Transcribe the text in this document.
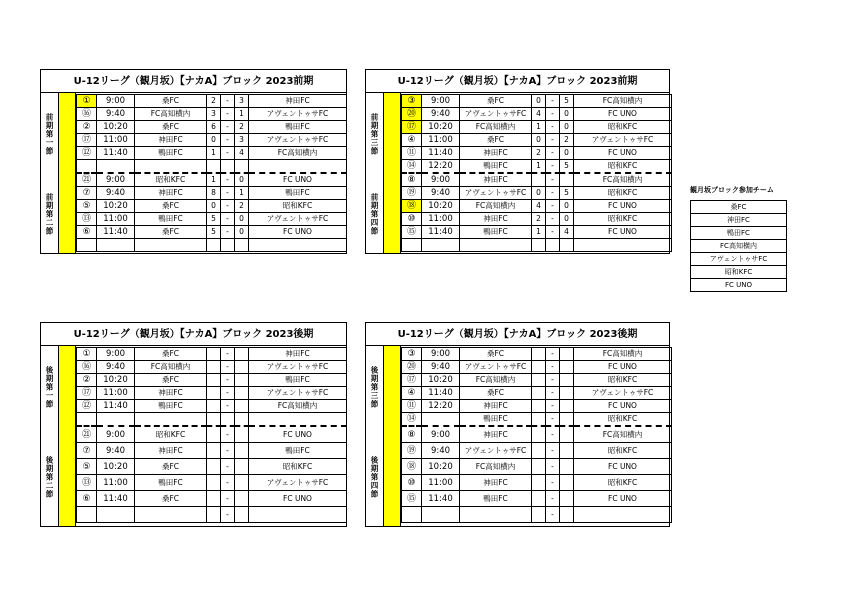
U-12リーグ（観月坂）【ナカA】ブロック 2023前期
前期第一節
前期第二節
①	9:00	桑FC	2	-	3	神田FC
⑯	9:40	FC高知横内	3	-	1	アヴェントゥサFC
②	10:20	桑FC	6	-	2	鴨田FC
⑰	11:00	神田FC	0	-	3	アヴェントゥサFC
⑫	11:40	鴨田FC	1	-	4	FC高知横内

㉑	9:00	昭和KFC	1	-	0	FC UNO
⑦	9:40	神田FC	8	-	1	鴨田FC
⑤	10:20	桑FC	0	-	2	昭和KFC
⑬	11:00	鴨田FC	5	-	0	アヴェントゥサFC
⑥	11:40	桑FC	5	-	0	FC UNO

U-12リーグ（観月坂）【ナカA】ブロック 2023前期
前期第三節
前期第四節
③	9:00	桑FC	0	-	5	FC高知横内
⑳	9:40	アヴェントゥサFC	4	-	0	FC UNO
⑰	10:20	FC高知横内	1	-	0	昭和KFC
④	11:00	桑FC	0	-	2	アヴェントゥサFC
⑪	11:40	神田FC	2	-	0	FC UNO
⑭	12:20	鴨田FC	1	-	5	昭和KFC
⑧	9:00	神田FC		-		FC高知横内
⑲	9:40	アヴェントゥサFC	0	-	5	昭和KFC
⑱	10:20	FC高知横内	4	-	0	FC UNO
⑩	11:00	神田FC	2	-	0	昭和KFC
⑮	11:40	鴨田FC	1	-	4	FC UNO

U-12リーグ（観月坂）【ナカA】ブロック 2023後期
後期第一節
後期第二節
①	9:00	桑FC		-		神田FC
⑯	9:40	FC高知横内		-		アヴェントゥサFC
②	10:20	桑FC		-		鴨田FC
⑰	11:00	神田FC		-		アヴェントゥサFC
⑫	11:40	鴨田FC		-		FC高知横内

㉑	9:00	昭和KFC		-		FC UNO
⑦	9:40	神田FC		-		鴨田FC
⑤	10:20	桑FC		-		昭和KFC
⑬	11:00	鴨田FC		-		アヴェントゥサFC
⑥	11:40	桑FC		-		FC UNO
				-		
U-12リーグ（観月坂）【ナカA】ブロック 2023後期
後期第三節
後期第四節
③	9:00	桑FC		-		FC高知横内
⑳	9:40	アヴェントゥサFC		-		FC UNO
⑰	10:20	FC高知横内		-		昭和KFC
④	11:40	桑FC		-		アヴェントゥサFC
⑪	12:20	神田FC		-		FC UNO
⑭		鴨田FC		-		昭和KFC
⑧	9:00	神田FC		-		FC高知横内
⑲	9:40	アヴェントゥサFC		-		昭和KFC
⑱	10:20	FC高知横内		-		FC UNO
⑩	11:00	神田FC		-		昭和KFC
⑮	11:40	鴨田FC		-		FC UNO
				-		
観月坂ブロック参加チーム
桑FC
神田FC
鴨田FC
FC高知横内
アヴェントゥサFC
昭和KFC
FC UNO
